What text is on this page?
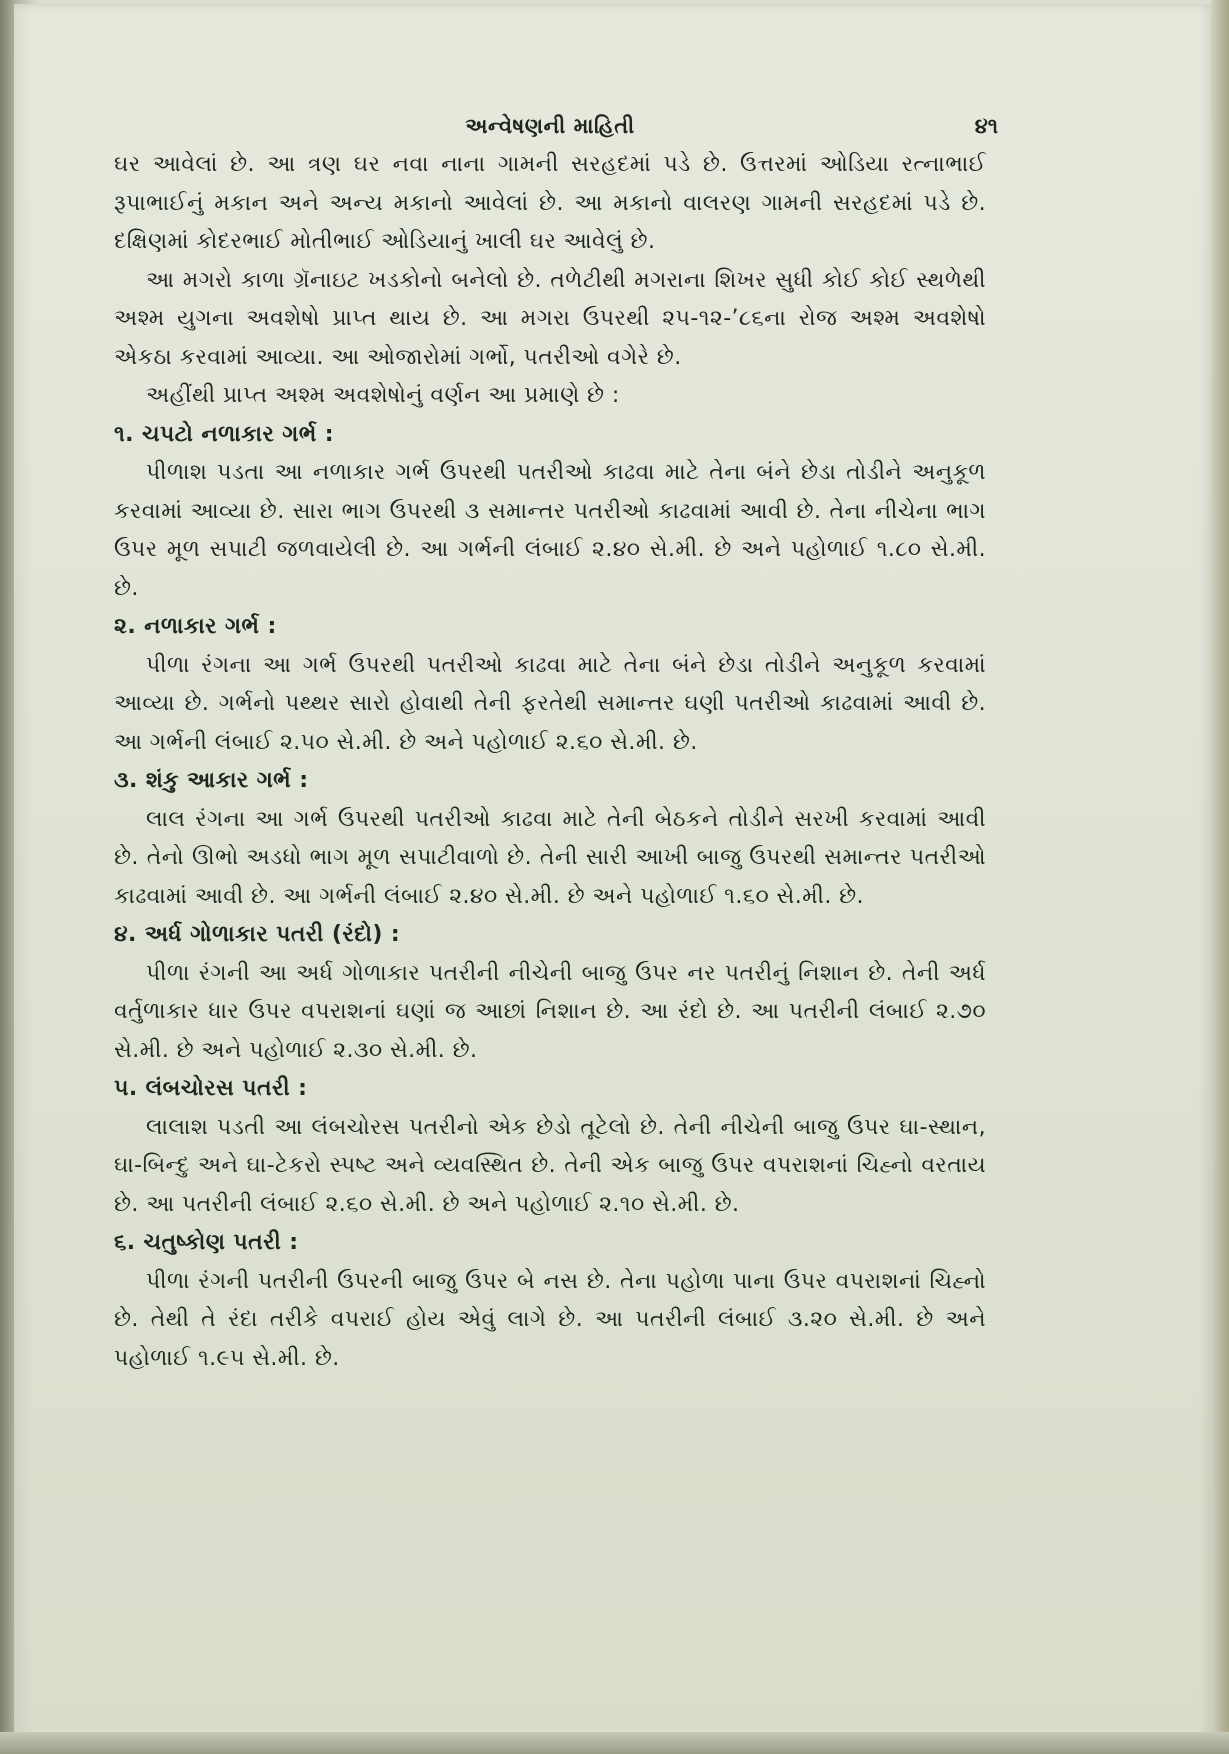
અન્વેષણની માહિતી	૪૧

ઘર આવેલાં છે. આ ત્રણ ઘર નવા નાના ગામની સરહદમાં પડે છે. ઉત્તરમાં ઓડિયા રત્નાભાઈ રૂપાભાઈનું મકાન અને અન્ય મકાનો આવેલાં છે. આ મકાનો વાલરણ ગામની સરહદમાં પડે છે. દક્ષિણમાં કોદરભાઈ મોતીભાઈ ઓડિયાનું ખાલી ઘર આવેલું છે.

આ મગરો કાળા ગ્રૅનાઇટ ખડકોનો બનેલો છે. તળેટીથી મગરાના શિખર સુધી કોઈ કોઈ સ્થળેથી અશ્મ યુગના અવશેષો પ્રાપ્ત થાય છે. આ મગરા ઉપરથી ૨૫-૧૨-’૮૬ના રોજ અશ્મ અવશેષો એકઠા કરવામાં આવ્યા. આ ઓજારોમાં ગર્ભો, પતરીઓ વગેરે છે.

અહીંથી પ્રાપ્ત અશ્મ અવશેષોનું વર્ણન આ પ્રમાણે છે :

૧. ચપટો નળાકાર ગર્ભ :

પીળાશ પડતા આ નળાકાર ગર્ભ ઉપરથી પતરીઓ કાઢવા માટે તેના બંને છેડા તોડીને અનુકૂળ કરવામાં આવ્યા છે. સારા ભાગ ઉપરથી ૩ સમાન્તર પતરીઓ કાઢવામાં આવી છે. તેના નીચેના ભાગ ઉપર મૂળ સપાટી જળવાયેલી છે. આ ગર્ભની લંબાઈ ૨.૪૦ સે.મી. છે અને પહોળાઈ ૧.૮૦ સે.મી. છે.

૨. નળાકાર ગર્ભ :

પીળા રંગના આ ગર્ભ ઉપરથી પતરીઓ કાઢવા માટે તેના બંને છેડા તોડીને અનુકૂળ કરવામાં આવ્યા છે. ગર્ભનો પથ્થર સારો હોવાથી તેની ફરતેથી સમાન્તર ઘણી પતરીઓ કાઢવામાં આવી છે. આ ગર્ભની લંબાઈ ૨.૫૦ સે.મી. છે અને પહોળાઈ ૨.૬૦ સે.મી. છે.

૩. શંકુ આકાર ગર્ભ :

લાલ રંગના આ ગર્ભ ઉપરથી પતરીઓ કાઢવા માટે તેની બેઠકને તોડીને સરખી કરવામાં આવી છે. તેનો ઊભો અડધો ભાગ મૂળ સપાટીવાળો છે. તેની સારી આખી બાજુ ઉપરથી સમાન્તર પતરીઓ કાઢવામાં આવી છે. આ ગર્ભની લંબાઈ ૨.૪૦ સે.મી. છે અને પહોળાઈ ૧.૬૦ સે.મી. છે.

૪. અર્ધ ગોળાકાર પતરી (રંદો) :

પીળા રંગની આ અર્ધ ગોળાકાર પતરીની નીચેની બાજુ ઉપર નર પતરીનું નિશાન છે. તેની અર્ધ વર્તુળાકાર ધાર ઉપર વપરાશનાં ઘણાં જ આછાં નિશાન છે. આ રંદો છે. આ પતરીની લંબાઈ ૨.૭૦ સે.મી. છે અને પહોળાઈ ૨.૩૦ સે.મી. છે.

૫. લંબચોરસ પતરી :

લાલાશ પડતી આ લંબચોરસ પતરીનો એક છેડો તૂટેલો છે. તેની નીચેની બાજુ ઉપર ઘા-સ્થાન, ઘા-બિન્દુ અને ઘા-ટેકરો સ્પષ્ટ અને વ્યવસ્થિત છે. તેની એક બાજુ ઉપર વપરાશનાં ચિહ્નો વરતાય છે. આ પતરીની લંબાઈ ૨.૬૦ સે.મી. છે અને પહોળાઈ ૨.૧૦ સે.મી. છે.

૬. ચતુષ્કોણ પતરી :

પીળા રંગની પતરીની ઉપરની બાજુ ઉપર બે નસ છે. તેના પહોળા પાના ઉપર વપરાશનાં ચિહ્નો છે. તેથી તે રંદા તરીકે વપરાઈ હોય એવું લાગે છે. આ પતરીની લંબાઈ ૩.૨૦ સે.મી. છે અને પહોળાઈ ૧.૯૫ સે.મી. છે.
